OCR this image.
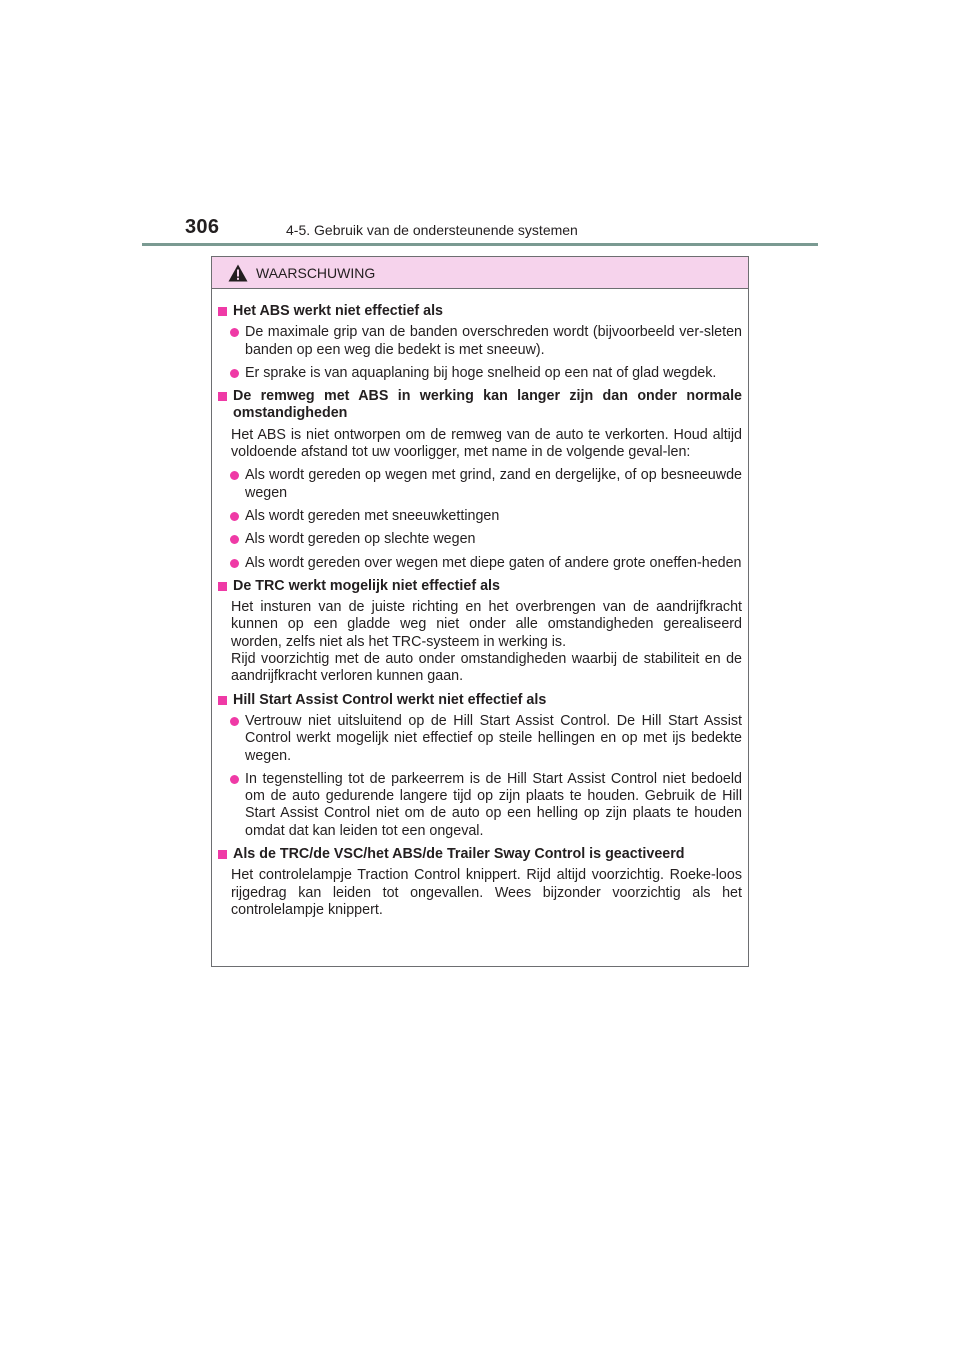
306	4-5. Gebruik van de ondersteunende systemen
WAARSCHUWING
Het ABS werkt niet effectief als
De maximale grip van de banden overschreden wordt (bijvoorbeeld ver-sleten banden op een weg die bedekt is met sneeuw).
Er sprake is van aquaplaning bij hoge snelheid op een nat of glad wegdek.
De remweg met ABS in werking kan langer zijn dan onder normale omstandigheden
Het ABS is niet ontworpen om de remweg van de auto te verkorten. Houd altijd voldoende afstand tot uw voorligger, met name in de volgende geval-len:
Als wordt gereden op wegen met grind, zand en dergelijke, of op besneeuwde wegen
Als wordt gereden met sneeuwkettingen
Als wordt gereden op slechte wegen
Als wordt gereden over wegen met diepe gaten of andere grote oneffen-heden
De TRC werkt mogelijk niet effectief als
Het insturen van de juiste richting en het overbrengen van de aandrijfkracht kunnen op een gladde weg niet onder alle omstandigheden gerealiseerd worden, zelfs niet als het TRC-systeem in werking is.
Rijd voorzichtig met de auto onder omstandigheden waarbij de stabiliteit en de aandrijfkracht verloren kunnen gaan.
Hill Start Assist Control werkt niet effectief als
Vertrouw niet uitsluitend op de Hill Start Assist Control. De Hill Start Assist Control werkt mogelijk niet effectief op steile hellingen en op met ijs bedekte wegen.
In tegenstelling tot de parkeerrem is de Hill Start Assist Control niet bedoeld om de auto gedurende langere tijd op zijn plaats te houden. Gebruik de Hill Start Assist Control niet om de auto op een helling op zijn plaats te houden omdat dat kan leiden tot een ongeval.
Als de TRC/de VSC/het ABS/de Trailer Sway Control is geactiveerd
Het controlelampje Traction Control knippert. Rijd altijd voorzichtig. Roeke-loos rijgedrag kan leiden tot ongevallen. Wees bijzonder voorzichtig als het controlelampje knippert.
